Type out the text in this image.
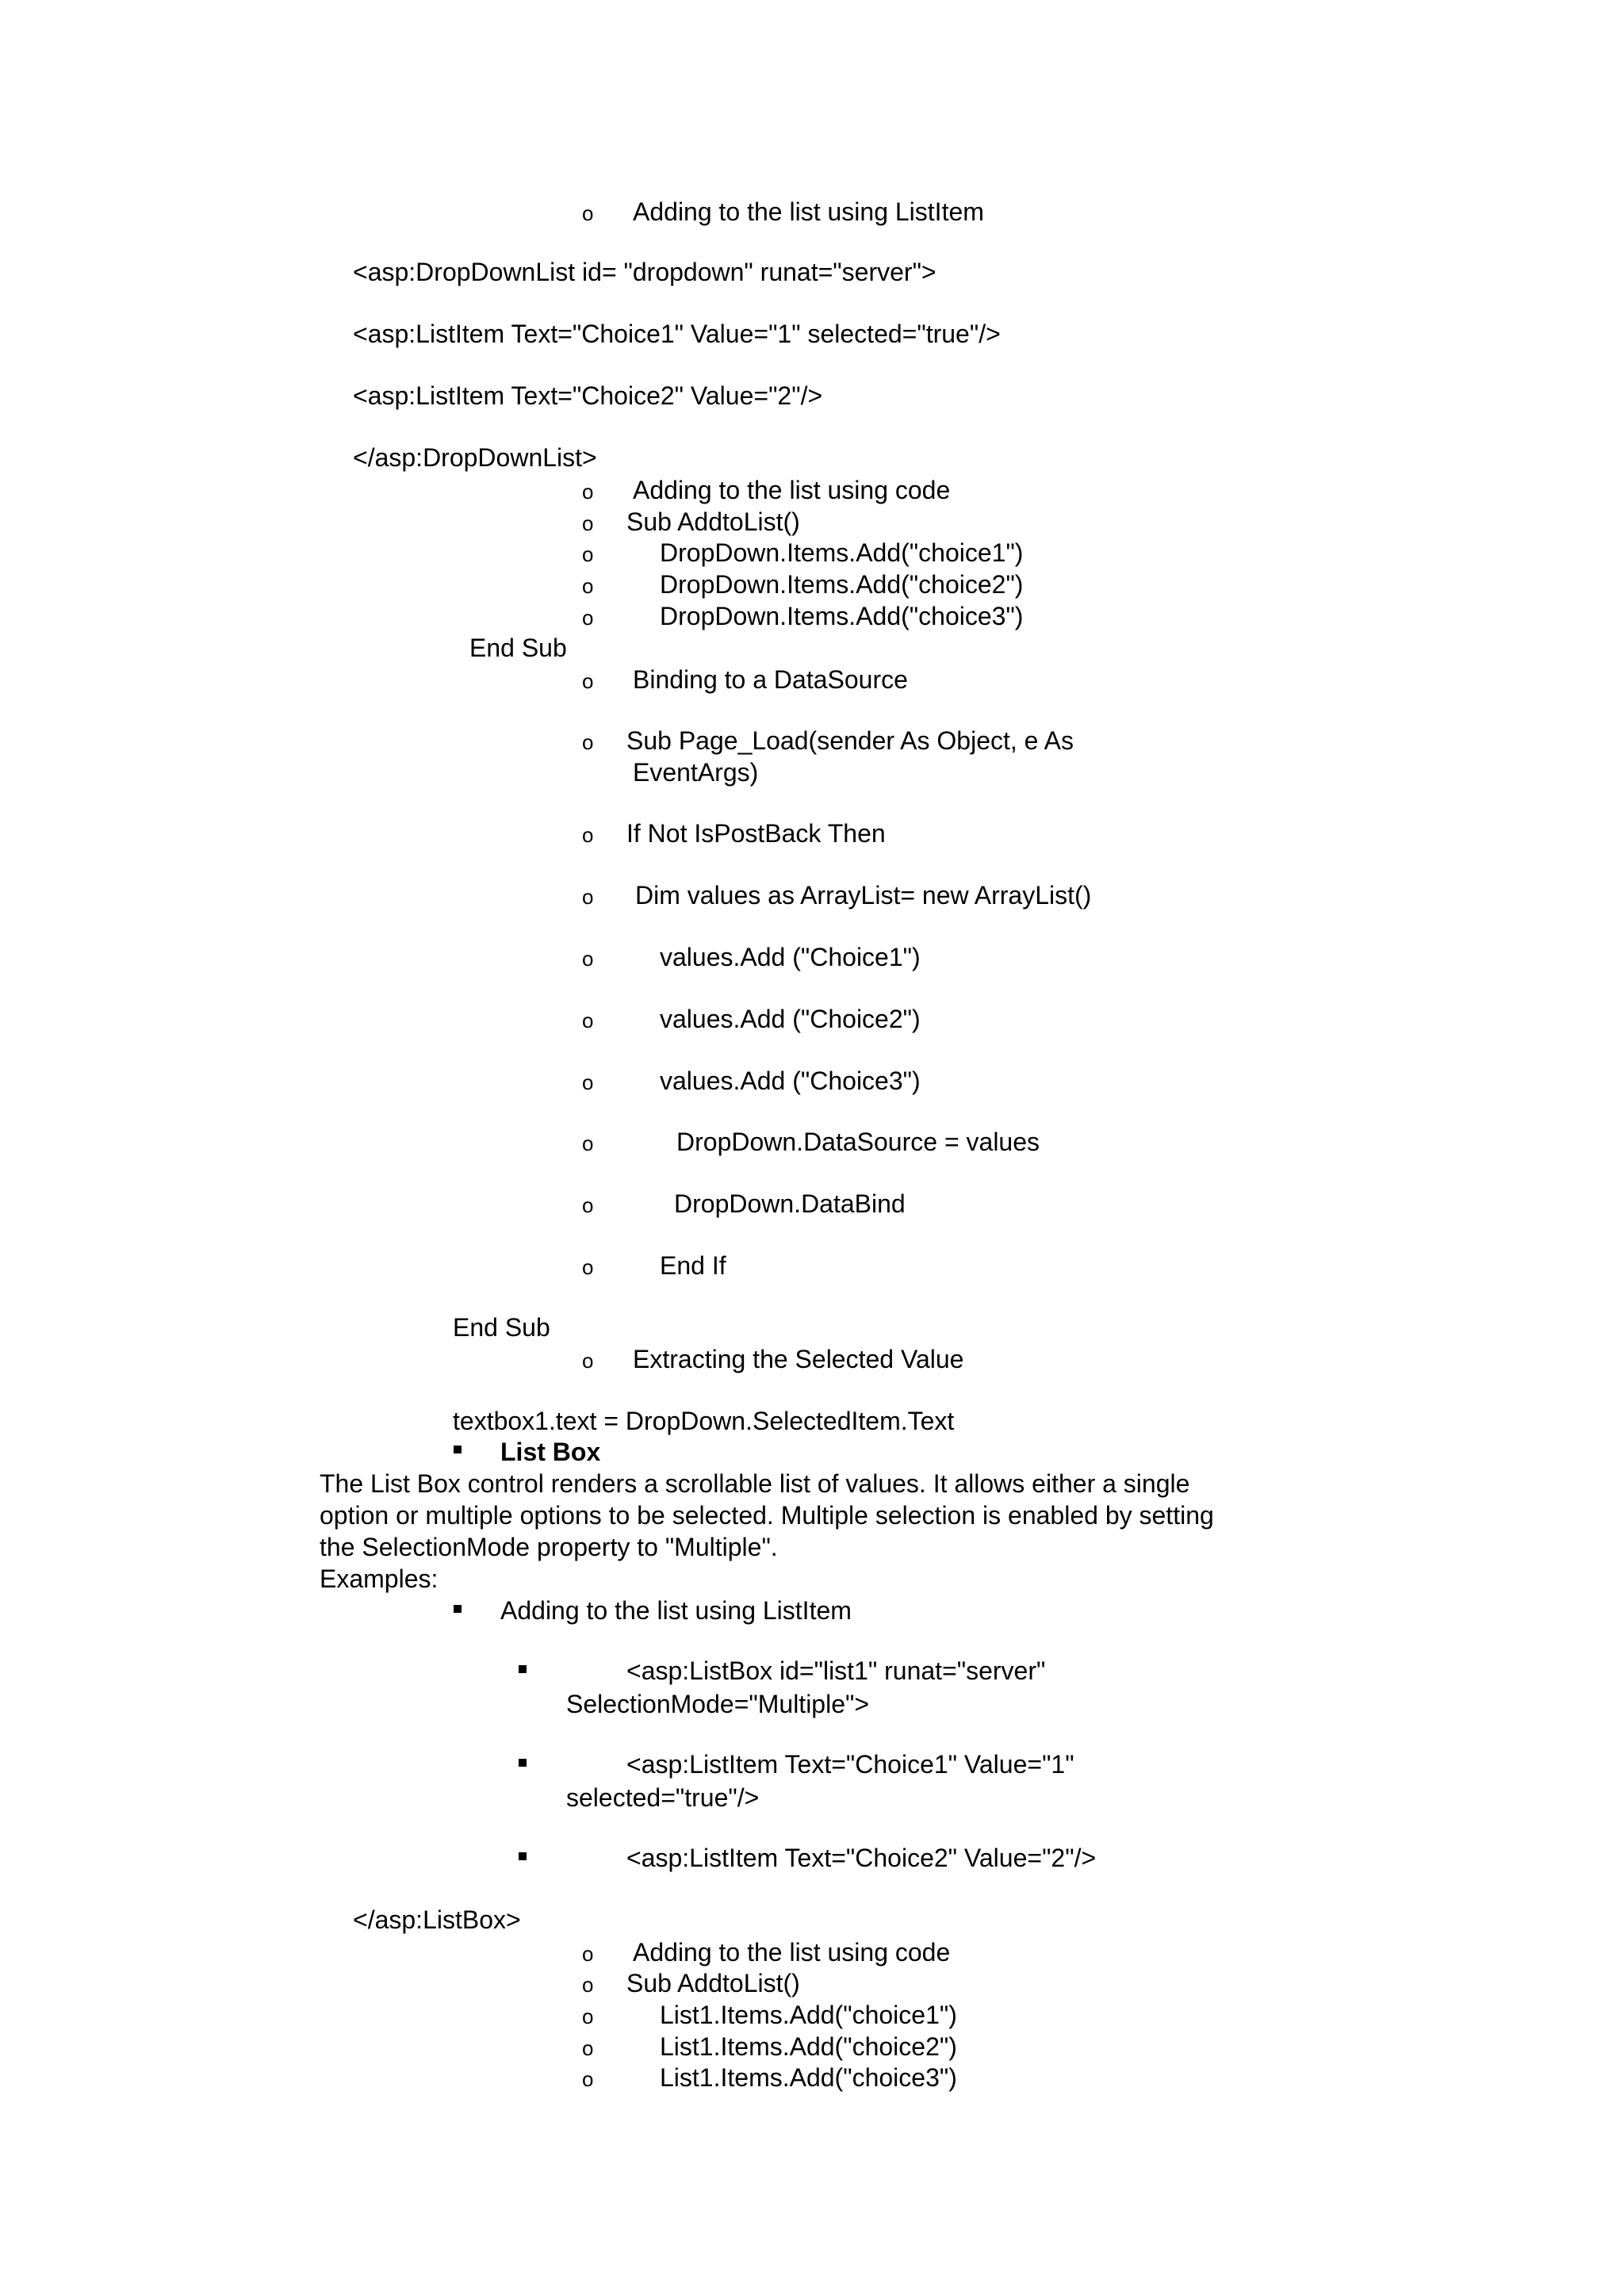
o Adding to the list using ListItem
<asp:DropDownList id= "dropdown" runat="server">
<asp:ListItem Text="Choice1" Value="1" selected="true"/>
<asp:ListItem Text="Choice2" Value="2"/>
</asp:DropDownList>
o Adding to the list using code
o Sub AddtoList()
o	DropDown.Items.Add("choice1")
o	DropDown.Items.Add("choice2")
o	DropDown.Items.Add("choice3")
End Sub
o Binding to a DataSource
o Sub Page_Load(sender As Object, e As
EventArgs)
o If Not IsPostBack Then
o Dim values as ArrayList= new ArrayList()
o	values.Add ("Choice1")
o	values.Add ("Choice2")
o	values.Add ("Choice3")
o	DropDown.DataSource = values
o	DropDown.DataBind
o	End If
End Sub
o Extracting the Selected Value
textbox1.text = DropDown.SelectedItem.Text
List Box
The List Box control renders a scrollable list of values. It allows either a single
option or multiple options to be selected. Multiple selection is enabled by setting
the SelectionMode property to "Multiple".
Examples:
Adding to the list using ListItem
<asp:ListBox id="list1" runat="server"
SelectionMode="Multiple">
<asp:ListItem Text="Choice1" Value="1"
selected="true"/>
<asp:ListItem Text="Choice2" Value="2"/>
</asp:ListBox>
o Adding to the list using code
o Sub AddtoList()
o	List1.Items.Add("choice1")
o	List1.Items.Add("choice2")
o	List1.Items.Add("choice3")
